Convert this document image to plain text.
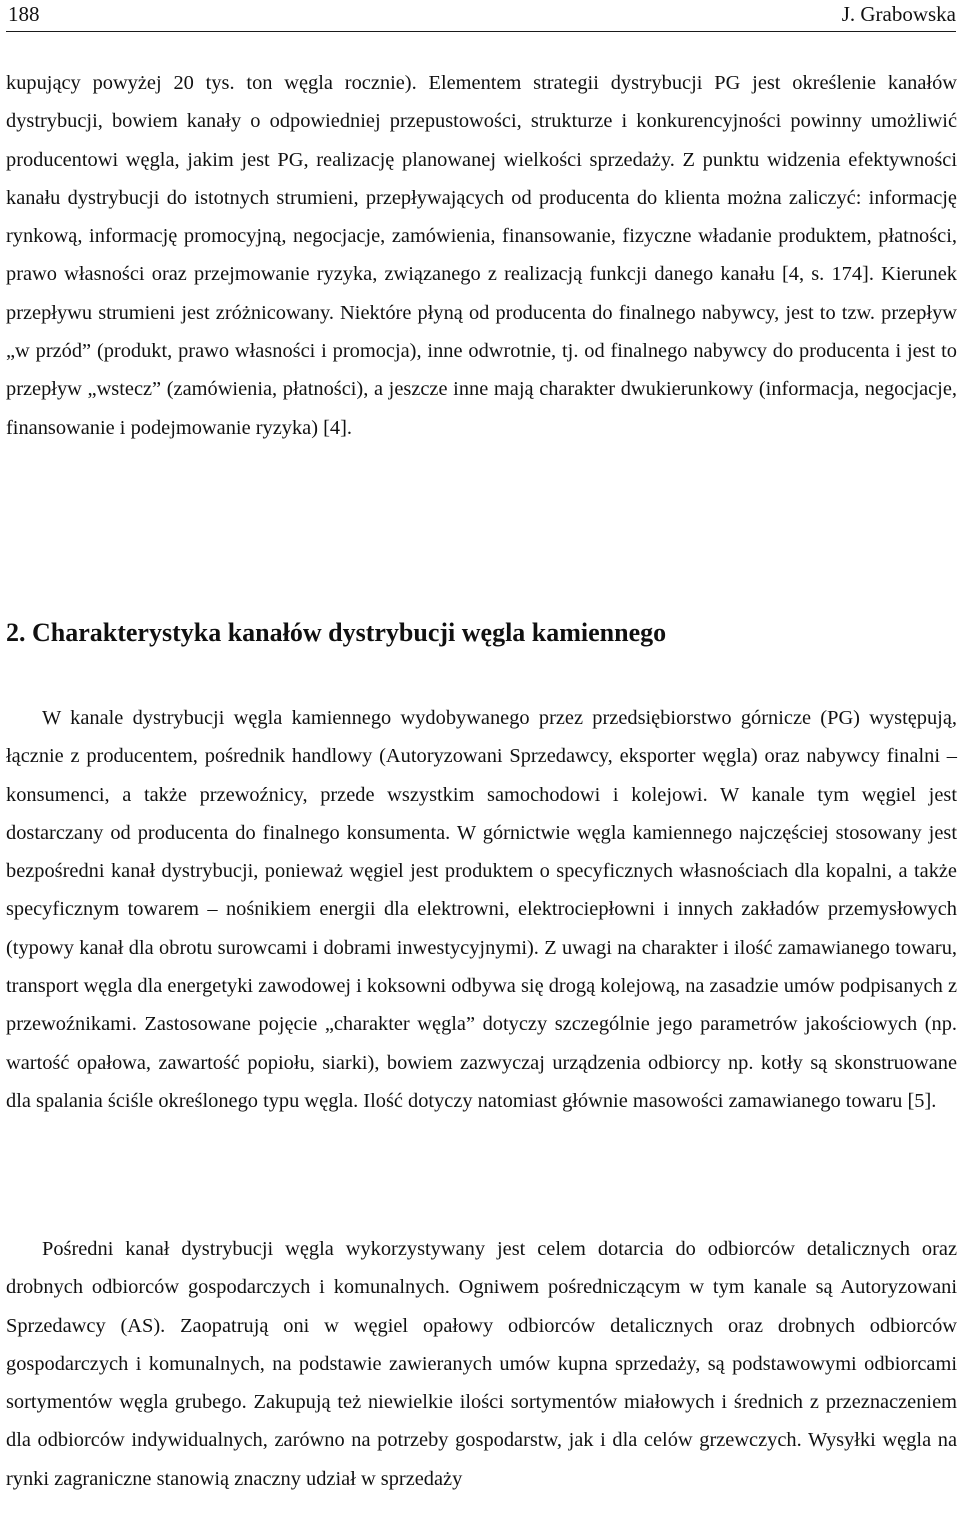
188	J. Grabowska

kupujący powyżej 20 tys. ton węgla rocznie). Elementem strategii dystrybucji PG jest określenie kanałów dystrybucji, bowiem kanały o odpowiedniej przepustowości, strukturze i konkurencyjności powinny umożliwić producentowi węgla, jakim jest PG, realizację planowanej wielkości sprzedaży. Z punktu widzenia efektywności kanału dystrybucji do istotnych strumieni, przepływających od producenta do klienta można zaliczyć: informację rynkową, informację promocyjną, negocjacje, zamówienia, finansowanie, fizyczne władanie produktem, płatności, prawo własności oraz przejmowanie ryzyka, związanego z realizacją funkcji danego kanału [4, s. 174]. Kierunek przepływu strumieni jest zróżnicowany. Niektóre płyną od producenta do finalnego nabywcy, jest to tzw. przepływ „w przód” (produkt, prawo własności i promocja), inne odwrotnie, tj. od finalnego nabywcy do producenta i jest to przepływ „wstecz” (zamówienia, płatności), a jeszcze inne mają charakter dwukierunkowy (informacja, negocjacje, finansowanie i podejmowanie ryzyka) [4].

2. Charakterystyka kanałów dystrybucji węgla kamiennego

W kanale dystrybucji węgla kamiennego wydobywanego przez przedsiębiorstwo górnicze (PG) występują, łącznie z producentem, pośrednik handlowy (Autoryzowani Sprzedawcy, eksporter węgla) oraz nabywcy finalni – konsumenci, a także przewoźnicy, przede wszystkim samochodowi i kolejowi. W kanale tym węgiel jest dostarczany od producenta do finalnego konsumenta. W górnictwie węgla kamiennego najczęściej stosowany jest bezpośredni kanał dystrybucji, ponieważ węgiel jest produktem o specyficznych własnościach dla kopalni, a także specyficznym towarem – nośnikiem energii dla elektrowni, elektrociepłowni i innych zakładów przemysłowych (typowy kanał dla obrotu surowcami i dobrami inwestycyjnymi). Z uwagi na charakter i ilość zamawianego towaru, transport węgla dla energetyki zawodowej i koksowni odbywa się drogą kolejową, na zasadzie umów podpisanych z przewoźnikami. Zastosowane pojęcie „charakter węgla” dotyczy szczególnie jego parametrów jakościowych (np. wartość opałowa, zawartość popiołu, siarki), bowiem zazwyczaj urządzenia odbiorcy np. kotły są skonstruowane dla spalania ściśle określonego typu węgla. Ilość dotyczy natomiast głównie masowości zamawianego towaru [5].

Pośredni kanał dystrybucji węgla wykorzystywany jest celem dotarcia do odbiorców detalicznych oraz drobnych odbiorców gospodarczych i komunalnych. Ogniwem pośredniczącym w tym kanale są Autoryzowani Sprzedawcy (AS). Zaopatrują oni w węgiel opałowy odbiorców detalicznych oraz drobnych odbiorców gospodarczych i komunalnych, na podstawie zawieranych umów kupna sprzedaży, są podstawowymi odbiorcami sortymentów węgla grubego. Zakupują też niewielkie ilości sortymentów miałowych i średnich z przeznaczeniem dla odbiorców indywidualnych, zarówno na potrzeby gospodarstw, jak i dla celów grzewczych. Wysyłki węgla na rynki zagraniczne stanowią znaczny udział w sprzedaży
